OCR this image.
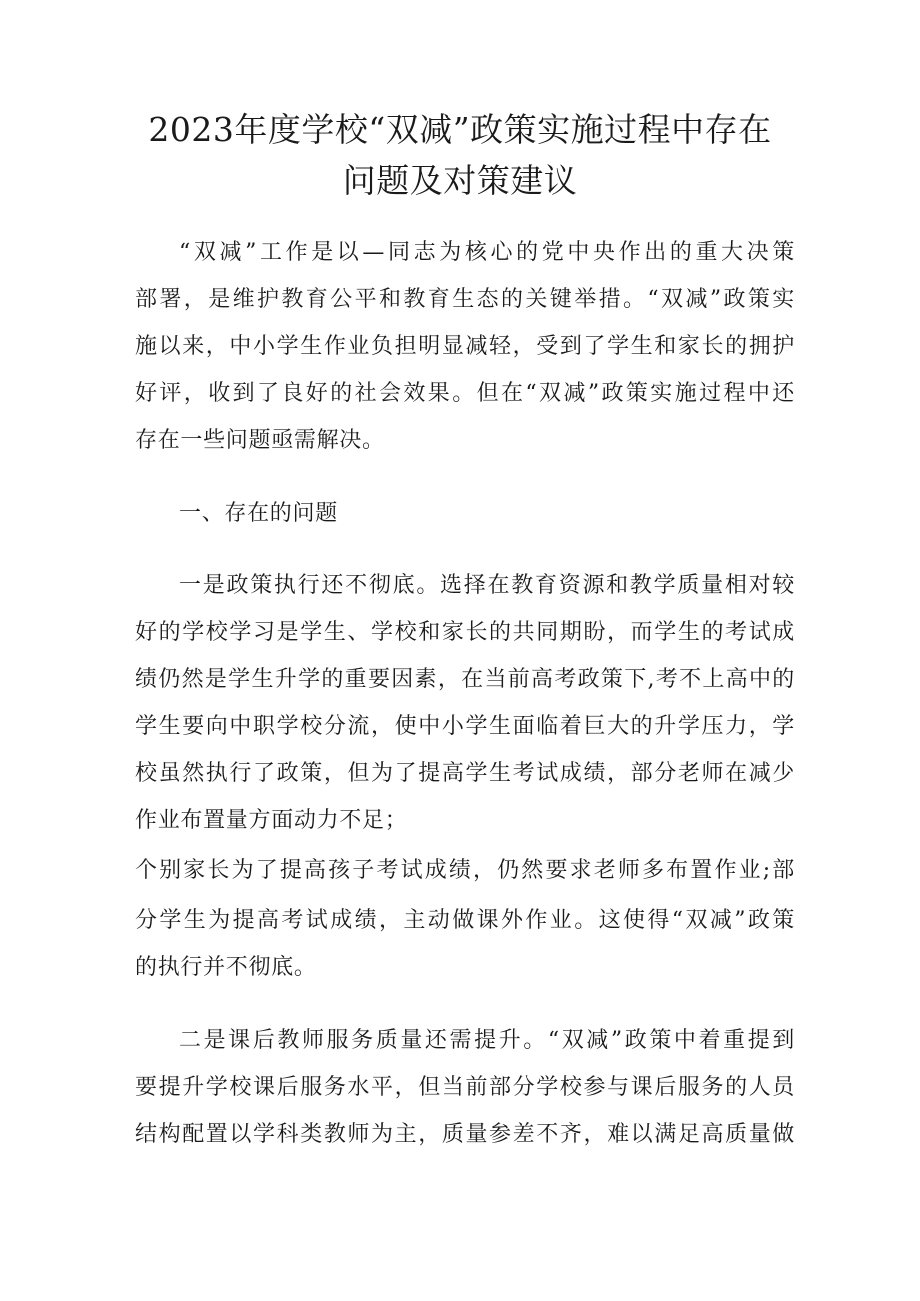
2023年度学校“双减”政策实施过程中存在
问题及对策建议
“双减”工作是以—同志为核心的党中央作出的重大决策
部署，是维护教育公平和教育生态的关键举措。“双减”政策实
施以来，中小学生作业负担明显减轻，受到了学生和家长的拥护
好评，收到了良好的社会效果。但在“双减”政策实施过程中还
存在一些问题亟需解决。
一、存在的问题
一是政策执行还不彻底。选择在教育资源和教学质量相对较
好的学校学习是学生、学校和家长的共同期盼，而学生的考试成
绩仍然是学生升学的重要因素，在当前高考政策下,考不上高中的
学生要向中职学校分流，使中小学生面临着巨大的升学压力，学
校虽然执行了政策，但为了提高学生考试成绩，部分老师在减少
作业布置量方面动力不足；
个别家长为了提高孩子考试成绩，仍然要求老师多布置作业;部
分学生为提高考试成绩，主动做课外作业。这使得“双减”政策
的执行并不彻底。
二是课后教师服务质量还需提升。“双减”政策中着重提到
要提升学校课后服务水平，但当前部分学校参与课后服务的人员
结构配置以学科类教师为主，质量参差不齐，难以满足高质量做
